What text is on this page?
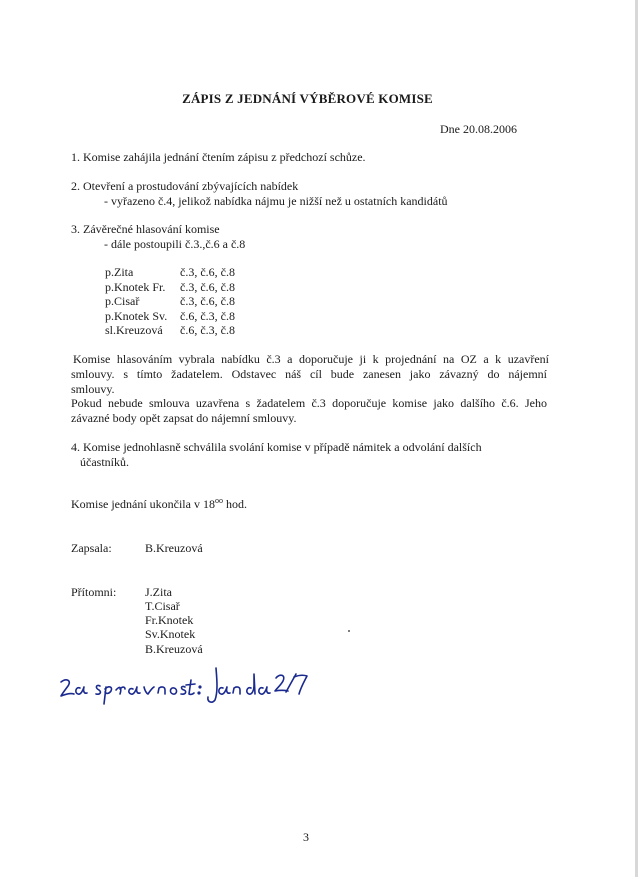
ZÁPIS Z JEDNÁNÍ VÝBĚROVÉ KOMISE
Dne 20.08.2006
1. Komise zahájila jednání čtením zápisu z předchozí schůze.
2. Otevření a prostudování zbývajících nabídek
- vyřazeno č.4, jelikož nabídka nájmu je nižší než u ostatních kandidátů
3. Závěrečné hlasování komise
- dále postoupili č.3.,č.6 a č.8
p.Zita	č.3, č.6, č.8
p.Knotek Fr. č.3, č.6, č.8
p.Cisař	č.3, č.6, č.8
p.Knotek Sv. č.6, č.3, č.8
sl.Kreuzová č.6, č.3, č.8
Komise hlasováním vybrala nabídku č.3 a doporučuje ji k projednání na OZ a k uzavření
smlouvy. s tímto žadatelem. Odstavec náš cíl bude zanesen jako závazný do nájemní
smlouvy.
Pokud nebude smlouva uzavřena s žadatelem č.3 doporučuje komise jako dalšího č.6. Jeho
závazné body opět zapsat do nájemní smlouvy.
4. Komise jednohlasně schválila svolání komise v případě námitek a odvolání dalších
účastníků.
Komise jednání ukončila v $18^{oo}$ hod.
Zapsala:	B.Kreuzová
Přítomni: J.Zita
T.Cisař
Fr.Knotek
Sv.Knotek
B.Kreuzová
3
